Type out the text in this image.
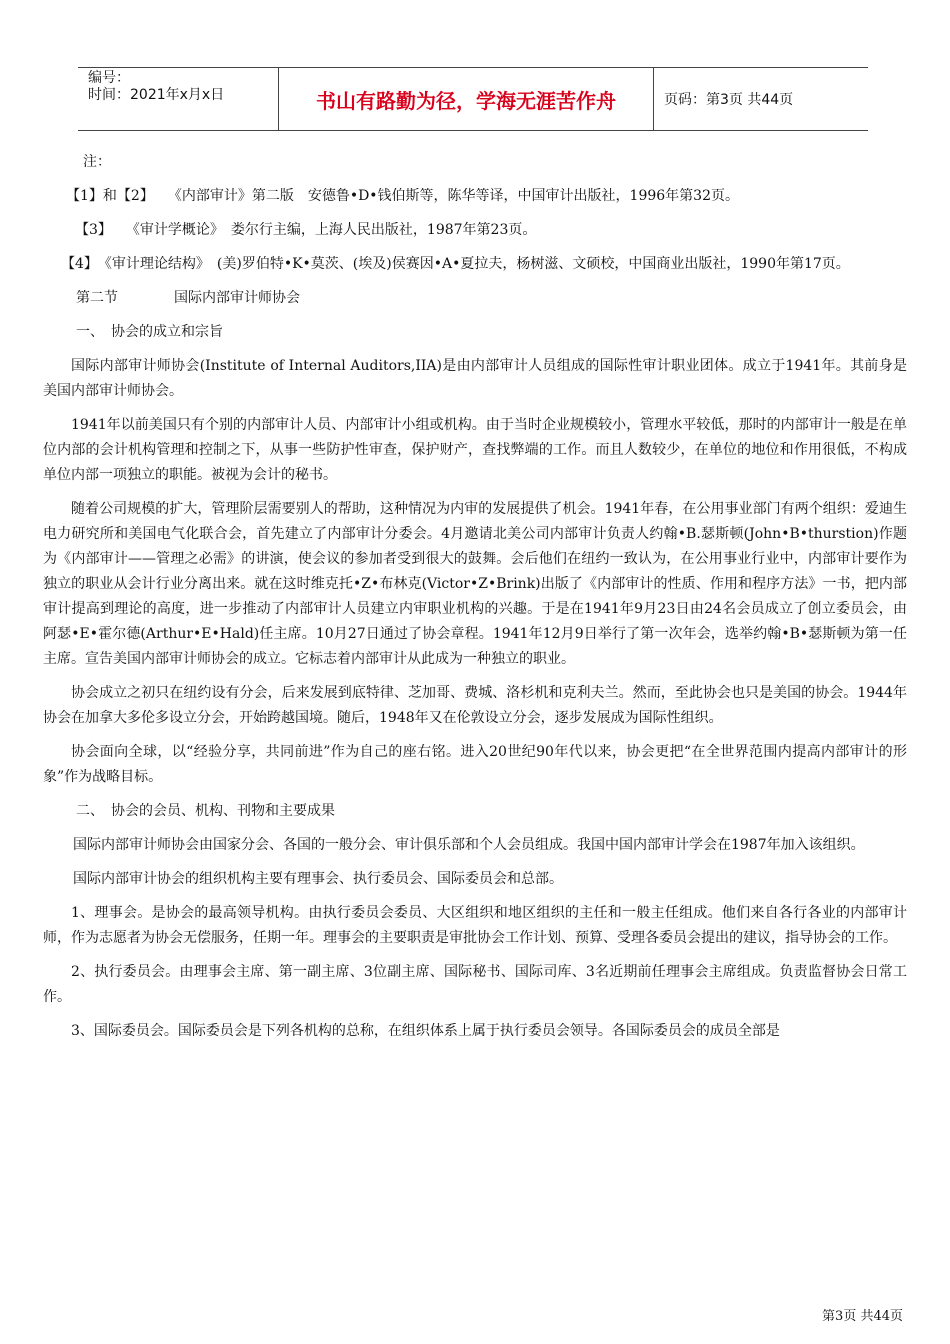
编号：
时间：2021年x月x日	书山有路勤为径，学海无涯苦作舟	页码：第3页 共44页

注：

【1】和【2】　　《内部审计》第二版　安德鲁•D•钱伯斯等，陈华等译，中国审计出版社，1996年第32页。

【3】　　《审计学概论》　娄尔行主编，上海人民出版社，1987年第23页。

【4】　《审计理论结构》　(美)罗伯特•K•莫茨、(埃及)侯赛因•A•夏拉夫，杨树滋、文硕校，中国商业出版社，1990年第17页。

第二节　　　　国际内部审计师协会

一、　协会的成立和宗旨

国际内部审计师协会(Institute of Internal Auditors,IIA)是由内部审计人员组成的国际性审计职业团体。成立于1941年。其前身是美国内部审计师协会。

1941年以前美国只有个别的内部审计人员、内部审计小组或机构。由于当时企业规模较小，管理水平较低，那时的内部审计一般是在单位内部的会计机构管理和控制之下，从事一些防护性审查，保护财产，查找弊端的工作。而且人数较少，在单位的地位和作用很低，不构成单位内部一项独立的职能。被视为会计的秘书。

随着公司规模的扩大，管理阶层需要别人的帮助，这种情况为内审的发展提供了机会。1941年春，在公用事业部门有两个组织：爱迪生电力研究所和美国电气化联合会，首先建立了内部审计分委会。4月邀请北美公司内部审计负责人约翰•B.瑟斯顿(John•B•thurstion)作题为《内部审计——管理之必需》的讲演，使会议的参加者受到很大的鼓舞。会后他们在纽约一致认为，在公用事业行业中，内部审计要作为独立的职业从会计行业分离出来。就在这时维克托•Z•布林克(Victor•Z•Brink)出版了《内部审计的性质、作用和程序方法》一书，把内部审计提高到理论的高度，进一步推动了内部审计人员建立内审职业机构的兴趣。于是在1941年9月23日由24名会员成立了创立委员会，由阿瑟•E•霍尔德(Arthur•E•Hald)任主席。10月27日通过了协会章程。1941年12月9日举行了第一次年会，选举约翰•B•瑟斯顿为第一任主席。宣告美国内部审计师协会的成立。它标志着内部审计从此成为一种独立的职业。

协会成立之初只在纽约设有分会，后来发展到底特律、芝加哥、费城、洛杉机和克利夫兰。然而，至此协会也只是美国的协会。1944年协会在加拿大多伦多设立分会，开始跨越国境。随后，1948年又在伦敦设立分会，逐步发展成为国际性组织。

协会面向全球，以“经验分享，共同前进”作为自己的座右铭。进入20世纪90年代以来，协会更把“在全世界范围内提高内部审计的形象”作为战略目标。

二、　协会的会员、机构、刊物和主要成果

国际内部审计师协会由国家分会、各国的一般分会、审计俱乐部和个人会员组成。我国中国内部审计学会在1987年加入该组织。

国际内部审计协会的组织机构主要有理事会、执行委员会、国际委员会和总部。

1、理事会。是协会的最高领导机构。由执行委员会委员、大区组织和地区组织的主任和一般主任组成。他们来自各行各业的内部审计师，作为志愿者为协会无偿服务，任期一年。理事会的主要职责是审批协会工作计划、预算、受理各委员会提出的建议，指导协会的工作。

2、执行委员会。由理事会主席、第一副主席、3位副主席、国际秘书、国际司库、3名近期前任理事会主席组成。负责监督协会日常工作。

3、国际委员会。国际委员会是下列各机构的总称，在组织体系上属于执行委员会领导。各国际委员会的成员全部是

第3页 共44页
